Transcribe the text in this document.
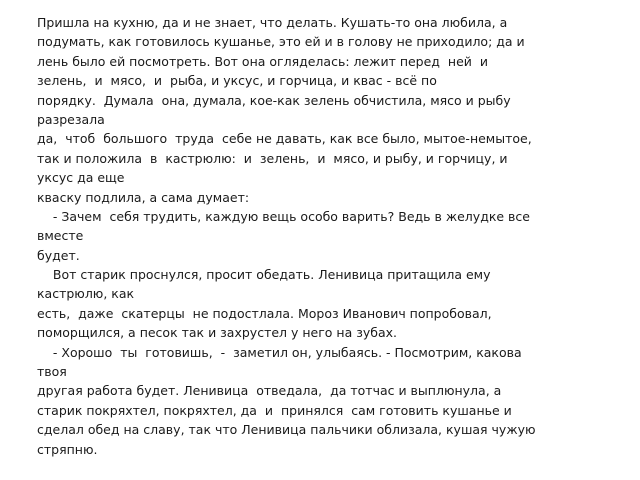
Пришла на кухню, да и не знает, что делать. Кушать-то она любила, а
подумать, как готовилось кушанье, это ей и в голову не приходило; да и
лень было ей посмотреть. Вот она огляделась: лежит перед  ней  и
зелень,  и  мясо,  и  рыба, и уксус, и горчица, и квас - всё по
порядку.  Думала  она, думала, кое-как зелень обчистила, мясо и рыбу
разрезала
да,  чтоб  большого  труда  себе не давать, как все было, мытое-немытое,
так и положила  в  кастрюлю:  и  зелень,  и  мясо, и рыбу, и горчицу, и
уксус да еще
кваску подлила, а сама думает:
- Зачем  себя трудить, каждую вещь особо варить? Ведь в желудке все
вместе
будет.
Вот старик проснулся, просит обедать. Ленивица притащила ему
кастрюлю, как
есть,  даже  скатерцы  не подостлала. Мороз Иванович попробовал,
поморщился, а песок так и захрустел у него на зубах.
- Хорошо  ты  готовишь,  -  заметил он, улыбаясь. - Посмотрим, какова
твоя
другая работа будет. Ленивица  отведала,  да тотчас и выплюнула, а
старик покряхтел, покряхтел, да  и  принялся  сам готовить кушанье и
сделал обед на славу, так что Ленивица пальчики облизала, кушая чужую
стряпню.
